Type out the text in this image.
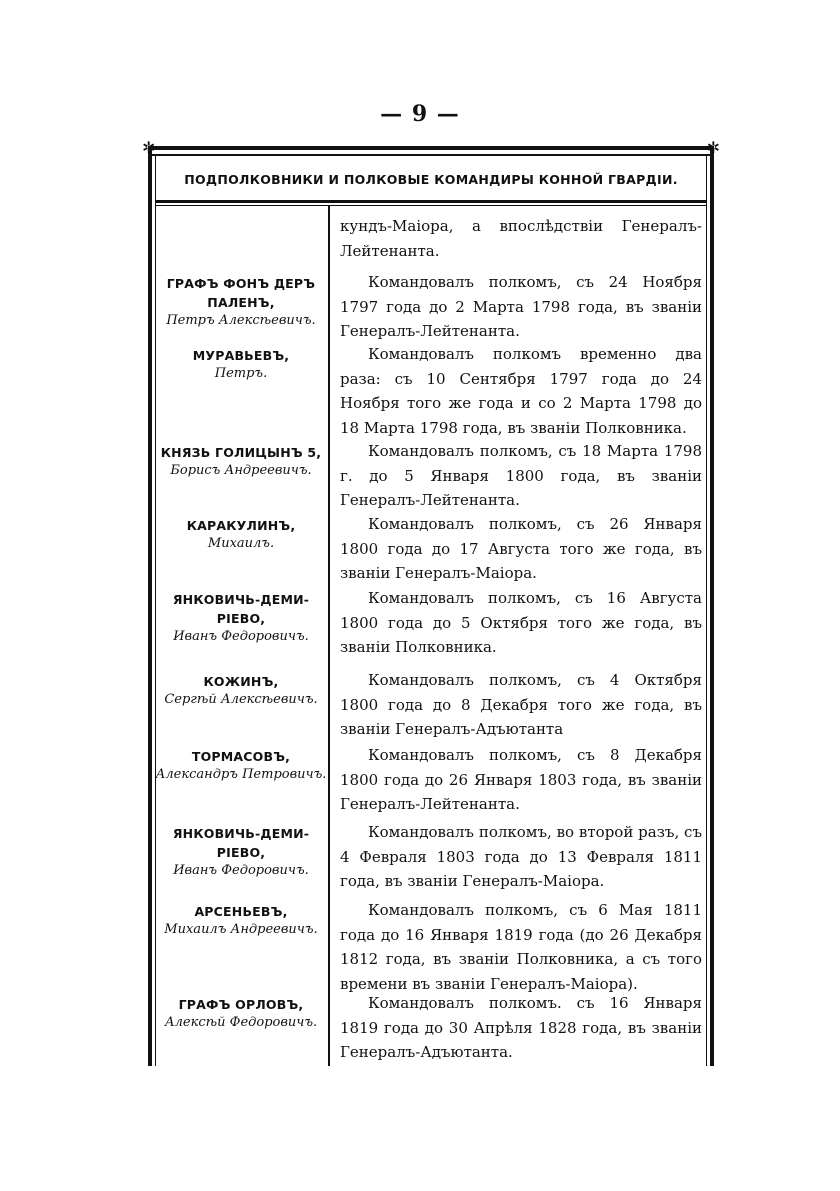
— 9 —
✲	✲
ПОДПОЛКОВНИКИ И ПОЛКОВЫЕ КОМАНДИРЫ КОННОЙ ГВАРДІИ.
кундъ-Маіора, а впослѣдствіи Генералъ-Лейтенанта.
ГРАФЪ ФОНЪ ДЕРЪ ПАЛЕНЪ,
Петръ Алексѣевичъ.
Командовалъ полкомъ, съ 24 Ноября 1797 года до 2 Марта 1798 года, въ званіи Генералъ-Лейтенанта.
МУРАВЬЕВЪ,
Петръ.
Командовалъ полкомъ временно два раза: съ 10 Сентября 1797 года до 24 Ноября того же года и со 2 Марта 1798 до 18 Марта 1798 года, въ званіи Полковника.
КНЯЗЬ ГОЛИЦЫНЪ 5,
Борисъ Андреевичъ.
Командовалъ полкомъ, съ 18 Марта 1798 г. до 5 Января 1800 года, въ званіи Генералъ-Лейтенанта.
КАРАКУЛИНЪ,
Михаилъ.
Командовалъ полкомъ, съ 26 Января 1800 года до 17 Августа того же года, въ званіи Генералъ-Маіора.
ЯНКОВИЧЬ-ДЕМИ-РІЕВО,
Иванъ Федоровичъ.
Командовалъ полкомъ, съ 16 Августа 1800 года до 5 Октября того же года, въ званіи Полковника.
КОЖИНЪ,
Сергѣй Алексѣевичъ.
Командовалъ полкомъ, съ 4 Октября 1800 года до 8 Декабря того же года, въ званіи Генералъ-Адъютанта
ТОРМАСОВЪ,
Александръ Петровичъ.
Командовалъ полкомъ, съ 8 Декабря 1800 года до 26 Января 1803 года, въ званіи Генералъ-Лейтенанта.
ЯНКОВИЧЬ-ДЕМИ-РІЕВО,
Иванъ Федоровичъ.
Командовалъ полкомъ, во второй разъ, съ 4 Февраля 1803 года до 13 Февраля 1811 года, въ званіи Генералъ-Маіора.
АРСЕНЬЕВЪ,
Михаилъ Андреевичъ.
Командовалъ полкомъ, съ 6 Мая 1811 года до 16 Января 1819 года (до 26 Декабря 1812 года, въ званіи Полковника, а съ того времени въ званіи Генералъ-Маіора).
ГРАФЪ ОРЛОВЪ,
Алексѣй Федоровичъ.
Командовалъ полкомъ. съ 16 Января 1819 года до 30 Апрѣля 1828 года, въ званіи Генералъ-Адъютанта.
